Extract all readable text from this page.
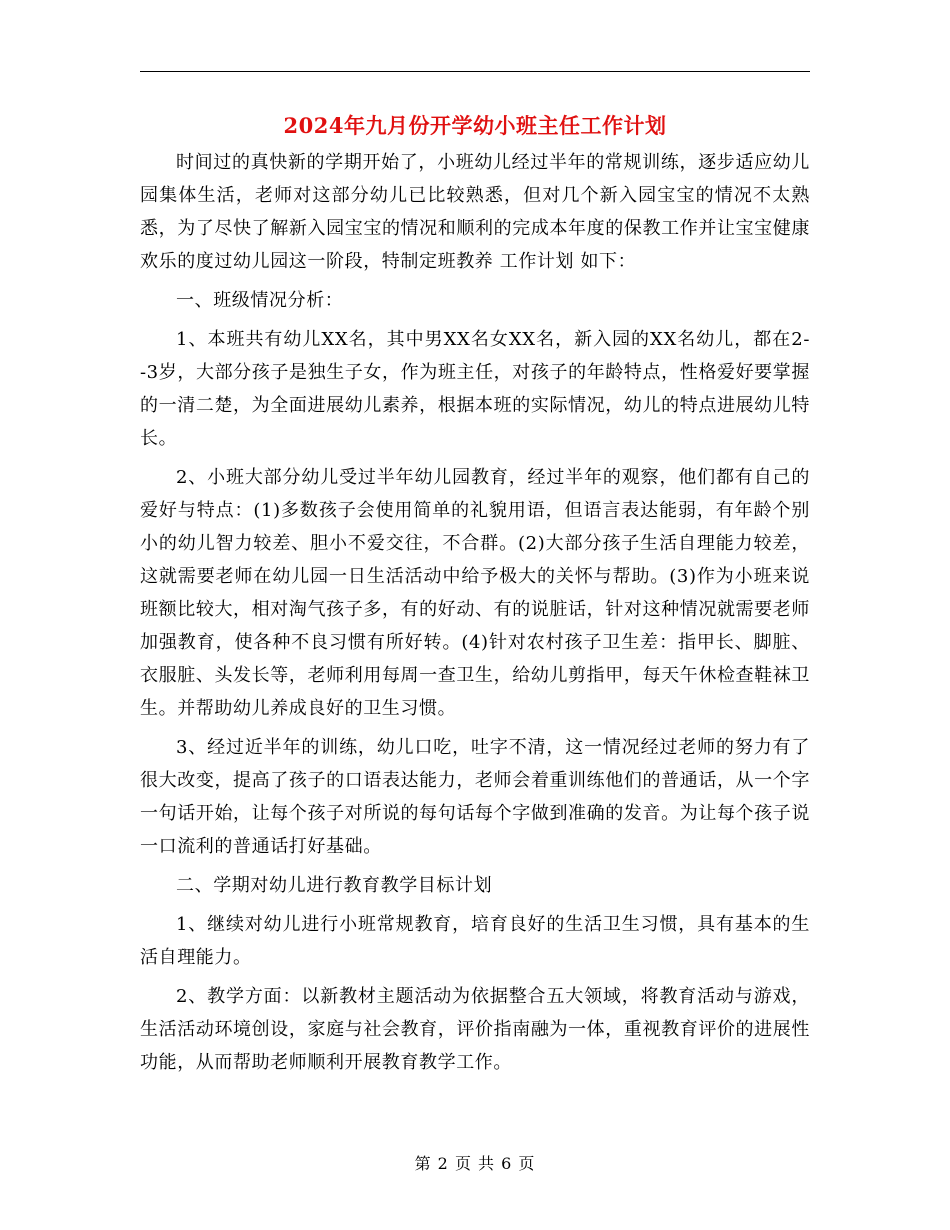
2024年九月份开学幼小班主任工作计划

时间过的真快新的学期开始了，小班幼儿经过半年的常规训练，逐步适应幼儿园集体生活，老师对这部分幼儿已比较熟悉，但对几个新入园宝宝的情况不太熟悉，为了尽快了解新入园宝宝的情况和顺利的完成本年度的保教工作并让宝宝健康欢乐的度过幼儿园这一阶段，特制定班教养 工作计划 如下：

一、班级情况分析：

1、本班共有幼儿XX名，其中男XX名女XX名，新入园的XX名幼儿，都在2--3岁，大部分孩子是独生子女，作为班主任，对孩子的年龄特点，性格爱好要掌握的一清二楚，为全面进展幼儿素养，根据本班的实际情况，幼儿的特点进展幼儿特长。

2、小班大部分幼儿受过半年幼儿园教育，经过半年的观察，他们都有自己的爱好与特点：(1)多数孩子会使用简单的礼貌用语，但语言表达能弱，有年龄个别小的幼儿智力较差、胆小不爱交往，不合群。(2)大部分孩子生活自理能力较差，这就需要老师在幼儿园一日生活活动中给予极大的关怀与帮助。(3)作为小班来说班额比较大，相对淘气孩子多，有的好动、有的说脏话，针对这种情况就需要老师加强教育，使各种不良习惯有所好转。(4)针对农村孩子卫生差：指甲长、脚脏、衣服脏、头发长等，老师利用每周一查卫生，给幼儿剪指甲，每天午休检查鞋袜卫生。并帮助幼儿养成良好的卫生习惯。

3、经过近半年的训练，幼儿口吃，吐字不清，这一情况经过老师的努力有了很大改变，提高了孩子的口语表达能力，老师会着重训练他们的普通话，从一个字一句话开始，让每个孩子对所说的每句话每个字做到准确的发音。为让每个孩子说一口流利的普通话打好基础。

二、学期对幼儿进行教育教学目标计划

1、继续对幼儿进行小班常规教育，培育良好的生活卫生习惯，具有基本的生活自理能力。

2、教学方面：以新教材主题活动为依据整合五大领域，将教育活动与游戏，生活活动环境创设，家庭与社会教育，评价指南融为一体，重视教育评价的进展性功能，从而帮助老师顺利开展教育教学工作。

第 2 页 共 6 页
